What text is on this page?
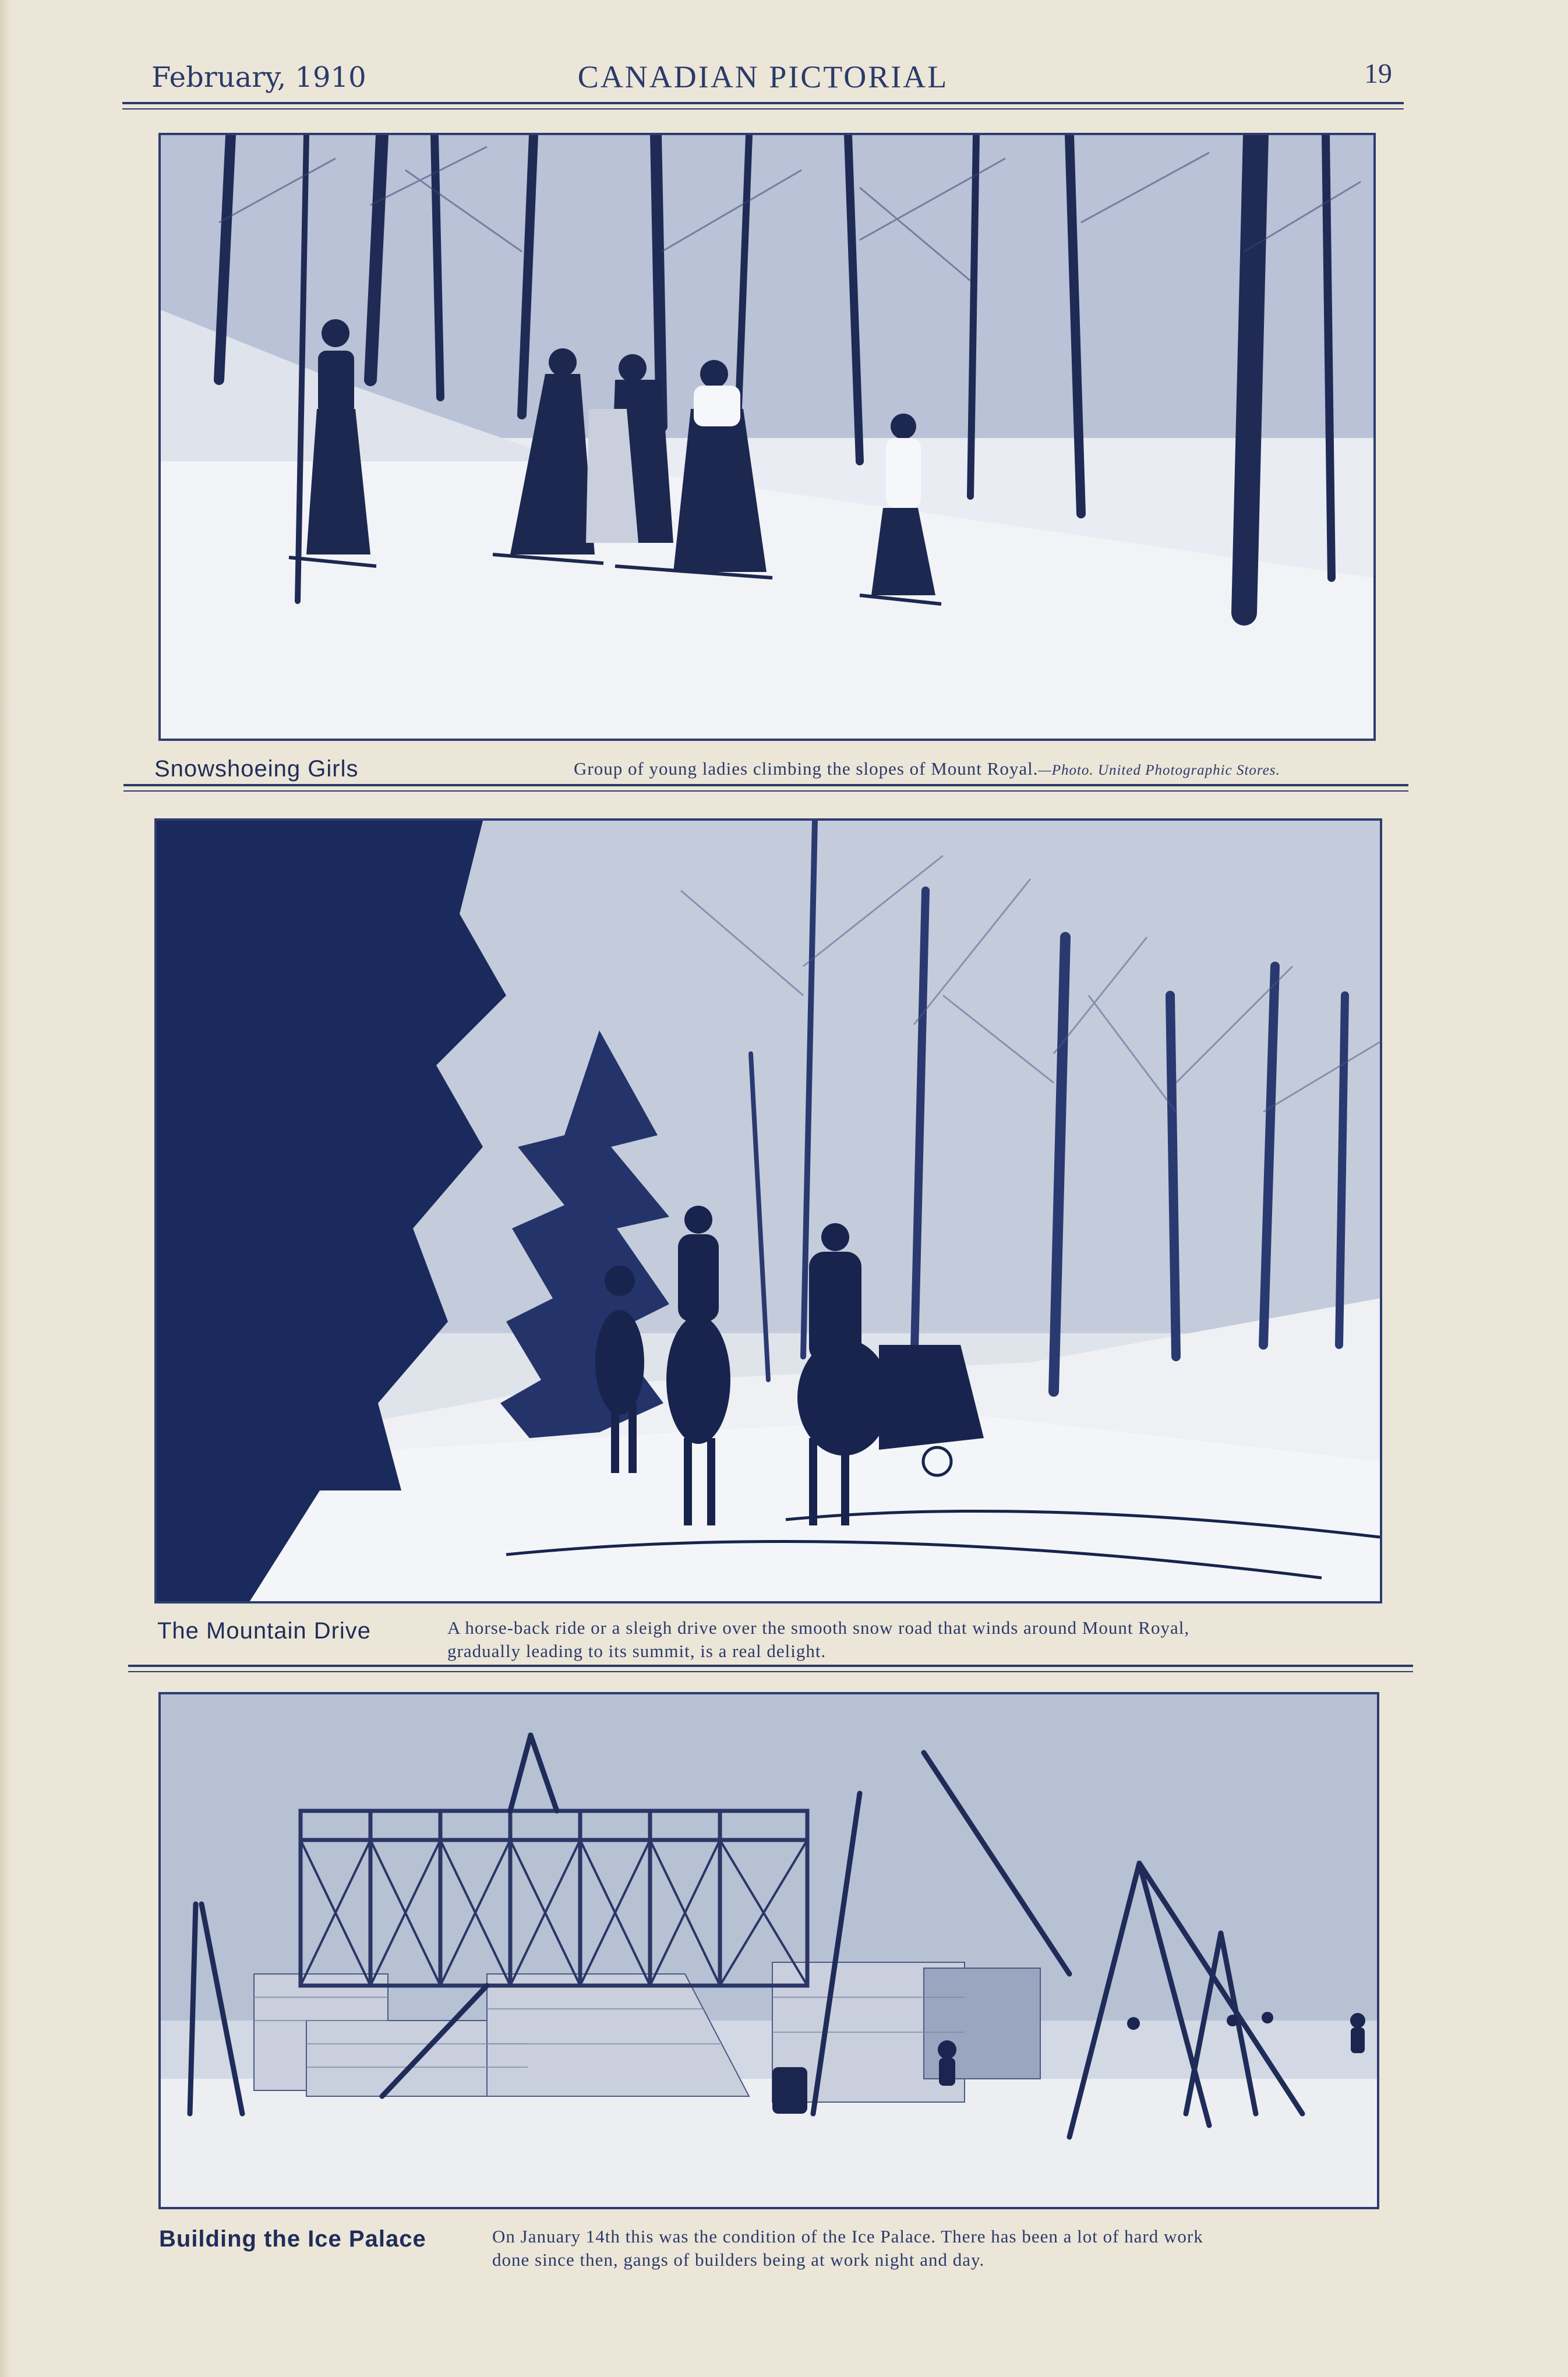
February, 1910	CANADIAN PICTORIAL	19
Snowshoeing Girls	Group of young ladies climbing the slopes of Mount Royal.—Photo. United Photographic Stores.
The Mountain Drive	A horse-back ride or a sleigh drive over the smooth snow road that winds around Mount Royal,
gradually leading to its summit, is a real delight.
Building the Ice Palace	On January 14th this was the condition of the Ice Palace. There has been a lot of hard work
done since then, gangs of builders being at work night and day.
